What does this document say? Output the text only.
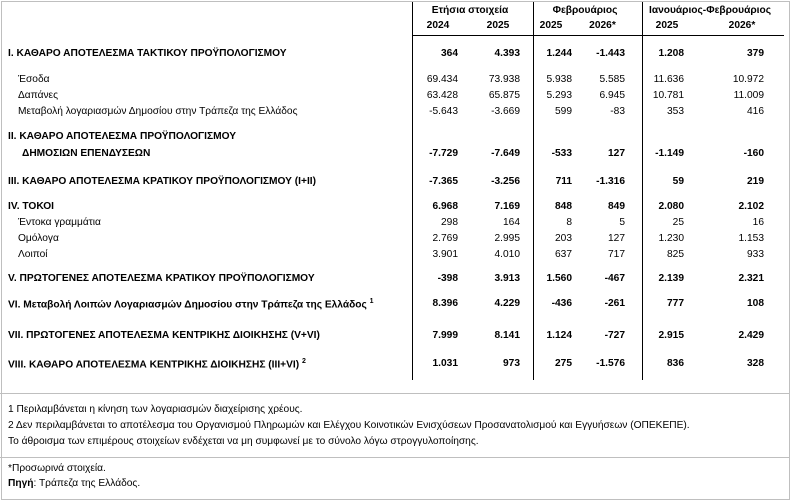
Ετήσια στοιχεία	Φεβρουάριος	Ιανουάριος-Φεβρουάριος
2024	2025	2025	2026*	2025	2026*
I. ΚΑΘΑΡΟ ΑΠΟΤΕΛΕΣΜΑ ΤΑΚΤΙΚΟΥ ΠΡΟΫΠΟΛΟΓΙΣΜΟΥ	364	4.393	1.244	-1.443	1.208	379
Έσοδα	69.434	73.938	5.938	5.585	11.636	10.972
Δαπάνες	63.428	65.875	5.293	6.945	10.781	11.009
Μεταβολή λογαριασμών Δημοσίου στην Τράπεζα της Ελλάδος	-5.643	-3.669	599	-83	353	416
II. ΚΑΘΑΡΟ ΑΠΟΤΕΛΕΣΜΑ ΠΡΟΫΠΟΛΟΓΙΣΜΟΥ
ΔΗΜΟΣΙΩΝ ΕΠΕΝΔΥΣΕΩΝ	-7.729	-7.649	-533	127	-1.149	-160
III. ΚΑΘΑΡΟ ΑΠΟΤΕΛΕΣΜΑ ΚΡΑΤΙΚΟΥ ΠΡΟΫΠΟΛΟΓΙΣΜΟΥ (I+II)	-7.365	-3.256	711	-1.316	59	219
IV. ΤΟΚΟΙ	6.968	7.169	848	849	2.080	2.102
Έντοκα γραμμάτια	298	164	8	5	25	16
Ομόλογα	2.769	2.995	203	127	1.230	1.153
Λοιποί	3.901	4.010	637	717	825	933
V. ΠΡΩΤΟΓΕΝΕΣ ΑΠΟΤΕΛΕΣΜΑ ΚΡΑΤΙΚΟΥ ΠΡΟΫΠΟΛΟΓΙΣΜΟΥ	-398	3.913	1.560	-467	2.139	2.321
VI. Μεταβολή Λοιπών Λογαριασμών Δημοσίου στην Τράπεζα της Ελλάδος $^1$	8.396	4.229	-436	-261	777	108
VII. ΠΡΩΤΟΓΕΝΕΣ ΑΠΟΤΕΛΕΣΜΑ ΚΕΝΤΡΙΚΗΣ ΔΙΟΙΚΗΣΗΣ (V+VI)	7.999	8.141	1.124	-727	2.915	2.429
VIII. ΚΑΘΑΡΟ ΑΠΟΤΕΛΕΣΜΑ ΚΕΝΤΡΙΚΗΣ ΔΙΟΙΚΗΣΗΣ (III+VI) $^2$	1.031	973	275	-1.576	836	328
1 Περιλαμβάνεται η κίνηση των λογαριασμών διαχείρισης χρέους.
2 Δεν περιλαμβάνεται το αποτέλεσμα του Οργανισμού Πληρωμών και Ελέγχου Κοινοτικών Ενισχύσεων Προσανατολισμού και Εγγυήσεων (ΟΠΕΚΕΠΕ).
Το άθροισμα των επιμέρους στοιχείων ενδέχεται να μη συμφωνεί με το σύνολο λόγω στρογγυλοποίησης.
*Προσωρινά στοιχεία.
Πηγή: Τράπεζα της Ελλάδος.
